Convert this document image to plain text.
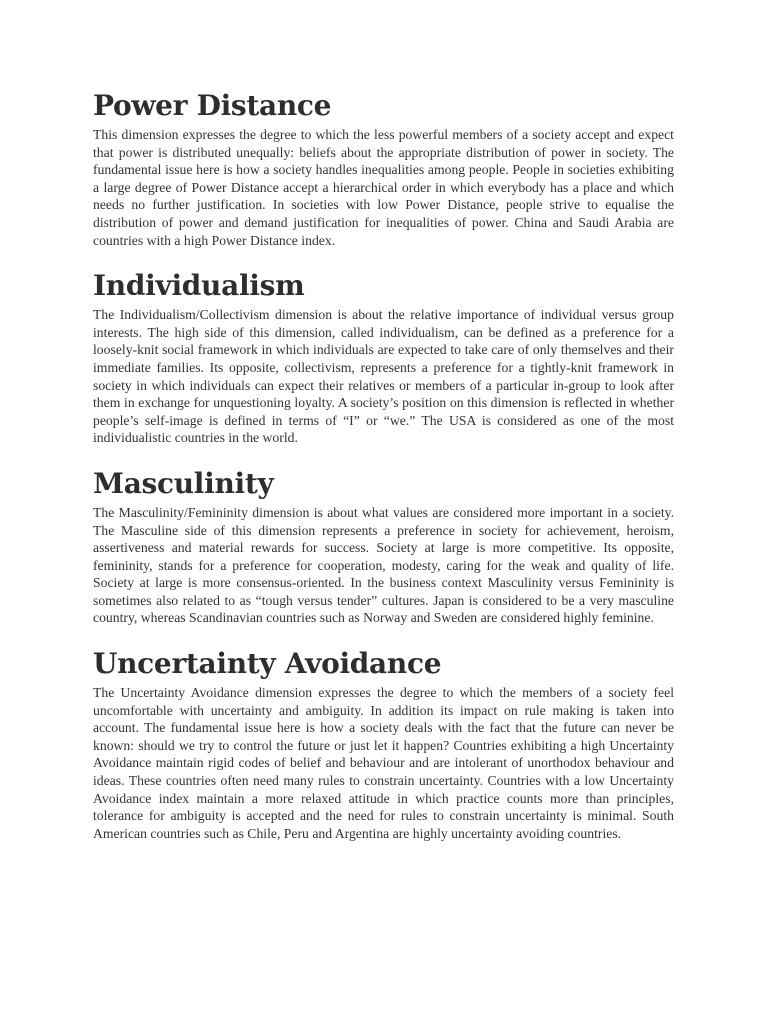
Power Distance

This dimension expresses the degree to which the less powerful members of a society accept and expect that power is distributed unequally: beliefs about the appropriate distribution of power in society. The fundamental issue here is how a society handles inequalities among people. People in societies exhibiting a large degree of Power Distance accept a hierarchical order in which everybody has a place and which needs no further justification. In societies with low Power Distance, people strive to equalise the distribution of power and demand justification for inequalities of power. China and Saudi Arabia are countries with a high Power Distance index.

Individualism

The Individualism/Collectivism dimension is about the relative importance of individual versus group interests. The high side of this dimension, called individualism, can be defined as a preference for a loosely-knit social framework in which individuals are expected to take care of only themselves and their immediate families. Its opposite, collectivism, represents a preference for a tightly-knit framework in society in which individuals can expect their relatives or members of a particular in-group to look after them in exchange for unquestioning loyalty. A society’s position on this dimension is reflected in whether people’s self-image is defined in terms of “I” or “we.” The USA is considered as one of the most individualistic countries in the world.

Masculinity

The Masculinity/Femininity dimension is about what values are considered more important in a society. The Masculine side of this dimension represents a preference in society for achievement, heroism, assertiveness and material rewards for success. Society at large is more competitive. Its opposite, femininity, stands for a preference for cooperation, modesty, caring for the weak and quality of life. Society at large is more consensus-oriented. In the business context Masculinity versus Femininity is sometimes also related to as “tough versus tender” cultures. Japan is considered to be a very masculine country, whereas Scandinavian countries such as Norway and Sweden are considered highly feminine.

Uncertainty Avoidance

The Uncertainty Avoidance dimension expresses the degree to which the members of a society feel uncomfortable with uncertainty and ambiguity. In addition its impact on rule making is taken into account. The fundamental issue here is how a society deals with the fact that the future can never be known: should we try to control the future or just let it happen? Countries exhibiting a high Uncertainty Avoidance maintain rigid codes of belief and behaviour and are intolerant of unorthodox behaviour and ideas. These countries often need many rules to constrain uncertainty. Countries with a low Uncertainty Avoidance index maintain a more relaxed attitude in which practice counts more than principles, tolerance for ambiguity is accepted and the need for rules to constrain uncertainty is minimal. South American countries such as Chile, Peru and Argentina are highly uncertainty avoiding countries.
